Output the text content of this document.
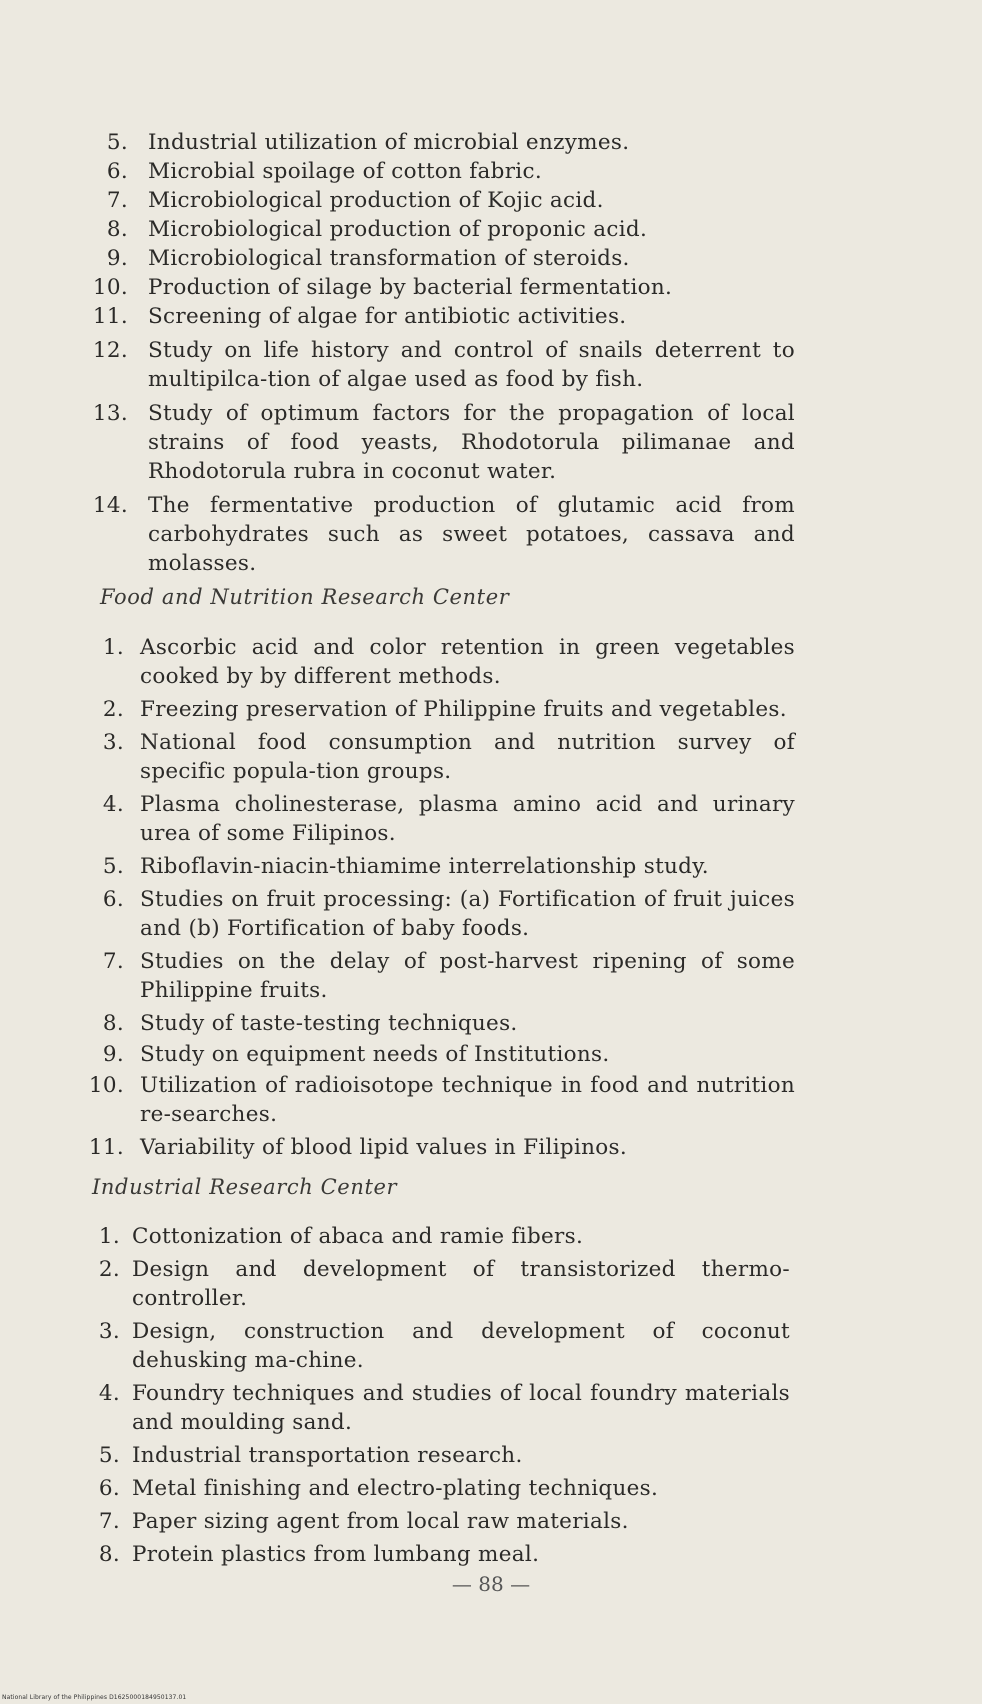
5. Industrial utilization of microbial enzymes.
6. Microbial spoilage of cotton fabric.
7. Microbiological production of Kojic acid.
8. Microbiological production of proponic acid.
9. Microbiological transformation of steroids.
10. Production of silage by bacterial fermentation.
11. Screening of algae for antibiotic activities.
12. Study on life history and control of snails deterrent to multipilca-tion of algae used as food by fish.
13. Study of optimum factors for the propagation of local strains of food yeasts, Rhodotorula pilimanae and Rhodotorula rubra in coconut water.
14. The fermentative production of glutamic acid from carbohydrates such as sweet potatoes, cassava and molasses.
Food and Nutrition Research Center
1. Ascorbic acid and color retention in green vegetables cooked by by different methods.
2. Freezing preservation of Philippine fruits and vegetables.
3. National food consumption and nutrition survey of specific popula-tion groups.
4. Plasma cholinesterase, plasma amino acid and urinary urea of some Filipinos.
5. Riboflavin-niacin-thiamime interrelationship study.
6. Studies on fruit processing: (a) Fortification of fruit juices and (b) Fortification of baby foods.
7. Studies on the delay of post-harvest ripening of some Philippine fruits.
8. Study of taste-testing techniques.
9. Study on equipment needs of Institutions.
10. Utilization of radioisotope technique in food and nutrition re-searches.
11. Variability of blood lipid values in Filipinos.
Industrial Research Center
1. Cottonization of abaca and ramie fibers.
2. Design and development of transistorized thermo-controller.
3. Design, construction and development of coconut dehusking ma-chine.
4. Foundry techniques and studies of local foundry materials and moulding sand.
5. Industrial transportation research.
6. Metal finishing and electro-plating techniques.
7. Paper sizing agent from local raw materials.
8. Protein plastics from lumbang meal.
— 88 —
National Library of the Philippines D1625000184950137.01
